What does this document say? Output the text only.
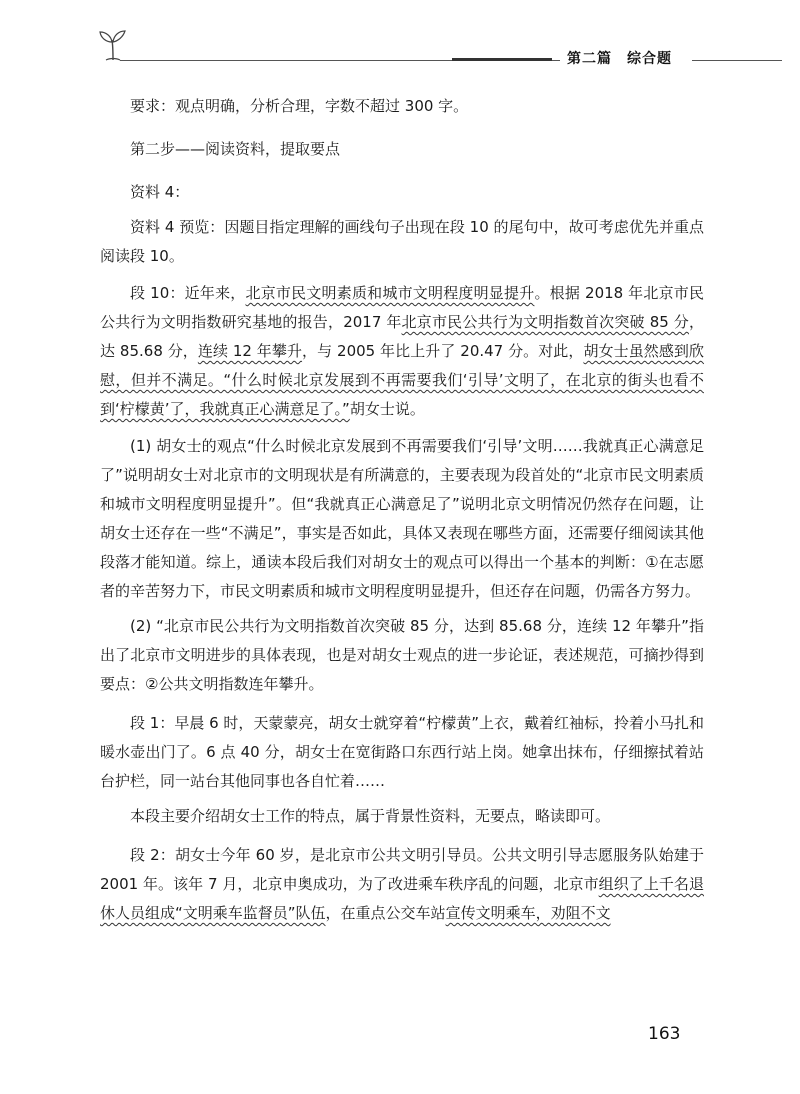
第二篇　综合题

要求：观点明确，分析合理，字数不超过 300 字。

第二步——阅读资料，提取要点

资料 4：

资料 4 预览：因题目指定理解的画线句子出现在段 10 的尾句中，故可考虑优先并重点阅读段 10。

段 10：近年来，北京市民文明素质和城市文明程度明显提升。根据 2018 年北京市民公共行为文明指数研究基地的报告，2017 年北京市民公共行为文明指数首次突破 85 分，达 85.68 分，连续 12 年攀升，与 2005 年比上升了 20.47 分。对此，胡女士虽然感到欣慰，但并不满足。“什么时候北京发展到不再需要我们‘引导’文明了，在北京的街头也看不到‘柠檬黄’了，我就真正心满意足了。”胡女士说。

(1) 胡女士的观点“什么时候北京发展到不再需要我们‘引导’文明……我就真正心满意足了”说明胡女士对北京市的文明现状是有所满意的，主要表现为段首处的“北京市民文明素质和城市文明程度明显提升”。但“我就真正心满意足了”说明北京文明情况仍然存在问题，让胡女士还存在一些“不满足”，事实是否如此，具体又表现在哪些方面，还需要仔细阅读其他段落才能知道。综上，通读本段后我们对胡女士的观点可以得出一个基本的判断：①在志愿者的辛苦努力下，市民文明素质和城市文明程度明显提升，但还存在问题，仍需各方努力。

(2) “北京市民公共行为文明指数首次突破 85 分，达到 85.68 分，连续 12 年攀升”指出了北京市文明进步的具体表现，也是对胡女士观点的进一步论证，表述规范，可摘抄得到要点：②公共文明指数连年攀升。

段 1：早晨 6 时，天蒙蒙亮，胡女士就穿着“柠檬黄”上衣，戴着红袖标，拎着小马扎和暖水壶出门了。6 点 40 分，胡女士在宽街路口东西行站上岗。她拿出抹布，仔细擦拭着站台护栏，同一站台其他同事也各自忙着……

本段主要介绍胡女士工作的特点，属于背景性资料，无要点，略读即可。

段 2：胡女士今年 60 岁，是北京市公共文明引导员。公共文明引导志愿服务队始建于 2001 年。该年 7 月，北京申奥成功，为了改进乘车秩序乱的问题，北京市组织了上千名退休人员组成“文明乘车监督员”队伍，在重点公交车站宣传文明乘车，劝阻不文

163
